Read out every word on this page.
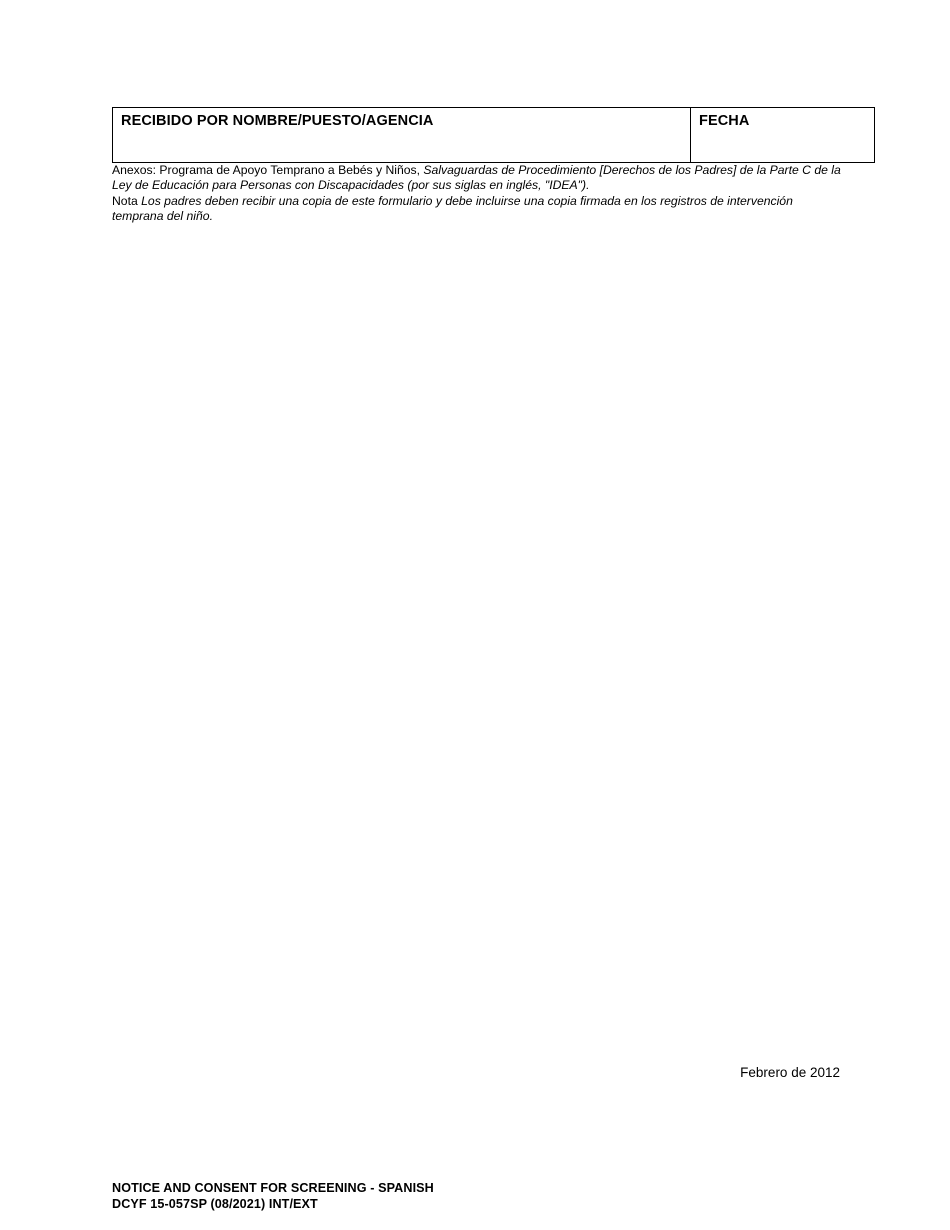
RECIBIDO POR NOMBRE/PUESTO/AGENCIA	FECHA

Anexos: Programa de Apoyo Temprano a Bebés y Niños, Salvaguardas de Procedimiento [Derechos de los Padres] de la Parte C de la Ley de Educación para Personas con Discapacidades (por sus siglas en inglés, "IDEA").

Nota Los padres deben recibir una copia de este formulario y debe incluirse una copia firmada en los registros de intervención temprana del niño.

Febrero de 2012
NOTICE AND CONSENT FOR SCREENING - SPANISH
DCYF 15-057SP (08/2021) INT/EXT
